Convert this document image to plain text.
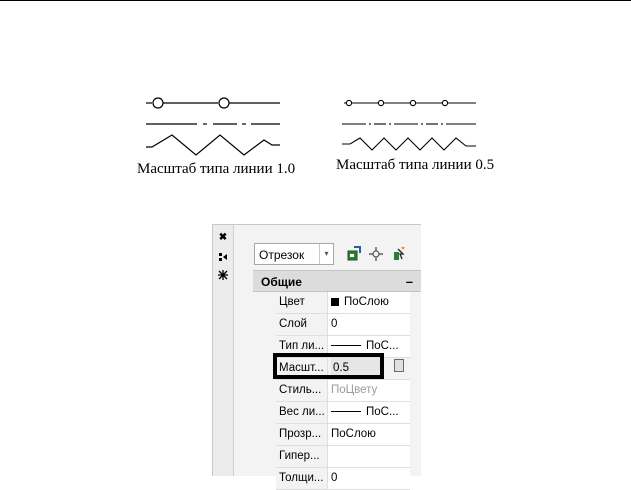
Масштаб типа линии 1.0	Масштаб типа линии 0.5
✖
Отрезок	▾
Общие	–
Цвет	ПоСлою
Слой	0
Тип ли...	ПоС...
Масшт... 0.5
Стиль... ПоЦвету
Вес ли...	ПоС...
Прозр... ПоСлою
Гипер...
Толщи... 0
